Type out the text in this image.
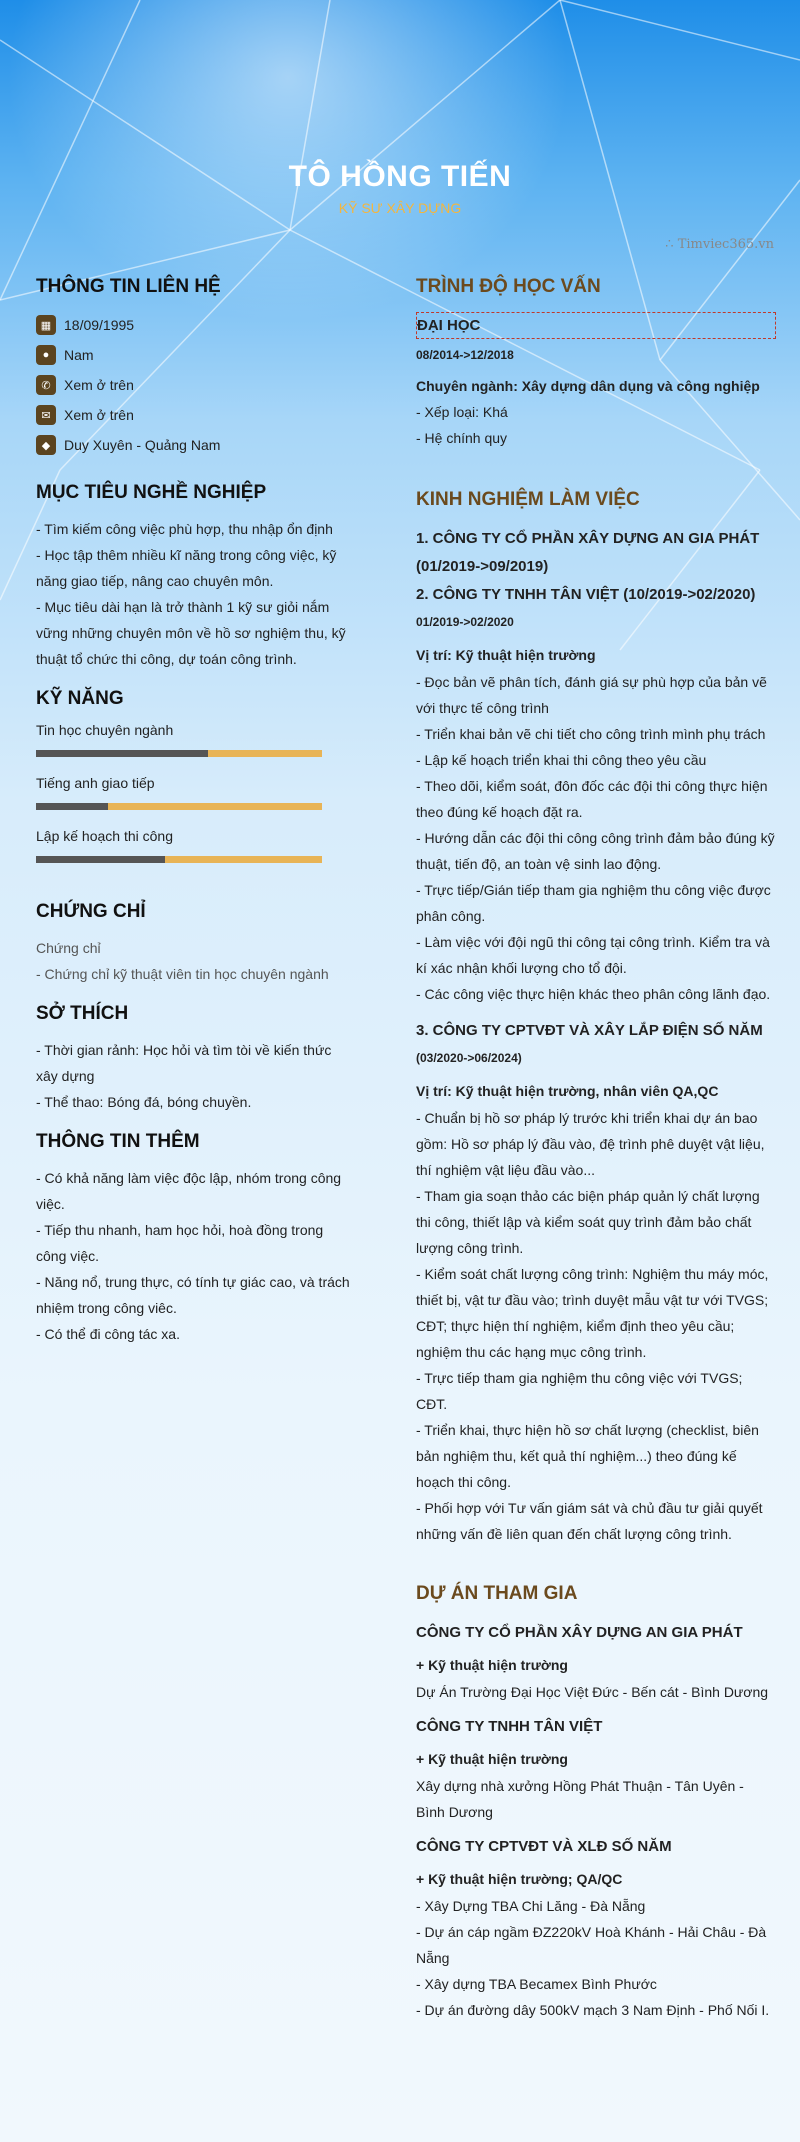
TÔ HỒNG TIẾN
KỸ SƯ XÂY DỰNG
THÔNG TIN LIÊN HỆ
▦ 18/09/1995
●	Nam
✆ Xem ở trên
✉ Xem ở trên
◆ Duy Xuyên - Quảng Nam
MỤC TIÊU NGHỀ NGHIỆP
- Tìm kiếm công việc phù hợp, thu nhập ổn định
- Học tập thêm nhiều kĩ năng trong công việc, kỹ năng giao tiếp, nâng cao chuyên môn.
- Mục tiêu dài hạn là trở thành 1 kỹ sư giỏi nắm vững những chuyên môn về hồ sơ nghiệm thu, kỹ thuật tổ chức thi công, dự toán công trình.
KỸ NĂNG
Tin học chuyên ngành
Tiếng anh giao tiếp
Lập kế hoạch thi công
CHỨNG CHỈ
Chứng chỉ
- Chứng chỉ kỹ thuật viên tin học chuyên ngành
SỞ THÍCH
- Thời gian rảnh: Học hỏi và tìm tòi về kiến thức xây dựng
- Thể thao: Bóng đá, bóng chuyền.
THÔNG TIN THÊM
- Có khả năng làm việc độc lập, nhóm trong công việc.
- Tiếp thu nhanh, ham học hỏi, hoà đồng trong công việc.
- Năng nổ, trung thực, có tính tự giác cao, và trách nhiệm trong công viêc.
- Có thể đi công tác xa.
TRÌNH ĐỘ HỌC VẤN
ĐẠI HỌC
08/2014->12/2018
Chuyên ngành: Xây dựng dân dụng và công nghiệp
- Xếp loại: Khá
- Hệ chính quy
KINH NGHIỆM LÀM VIỆC
1. CÔNG TY CỔ PHẦN XÂY DỰNG AN GIA PHÁT (01/2019->09/2019)
2. CÔNG TY TNHH TÂN VIỆT (10/2019->02/2020)
01/2019->02/2020
Vị trí: Kỹ thuật hiện trường
- Đọc bản vẽ phân tích, đánh giá sự phù hợp của bản vẽ với thực tế công trình
- Triển khai bản vẽ chi tiết cho công trình mình phụ trách
- Lập kế hoạch triển khai thi công theo yêu cầu
- Theo dõi, kiểm soát, đôn đốc các đội thi công thực hiện theo đúng kế hoạch đặt ra.
- Hướng dẫn các đội thi công công trình đảm bảo đúng kỹ thuật, tiến độ, an toàn vệ sinh lao động.
- Trực tiếp/Gián tiếp tham gia nghiệm thu công việc được phân công.
- Làm việc với đội ngũ thi công tại công trình. Kiểm tra và kí xác nhận khối lượng cho tổ đội.
- Các công việc thực hiện khác theo phân công lãnh đạo.
3. CÔNG TY CPTVĐT VÀ XÂY LẮP ĐIỆN SỐ NĂM
(03/2020->06/2024)
Vị trí: Kỹ thuật hiện trường, nhân viên QA,QC
- Chuẩn bị hồ sơ pháp lý trước khi triển khai dự án bao gồm: Hồ sơ pháp lý đầu vào, đệ trình phê duyệt vật liệu, thí nghiệm vật liệu đầu vào...
- Tham gia soạn thảo các biện pháp quản lý chất lượng thi công, thiết lập và kiểm soát quy trình đảm bảo chất lượng công trình.
- Kiểm soát chất lượng công trình: Nghiệm thu máy móc, thiết bị, vật tư đầu vào; trình duyệt mẫu vật tư với TVGS; CĐT; thực hiện thí nghiệm, kiểm định theo yêu cầu; nghiệm thu các hạng mục công trình.
- Trực tiếp tham gia nghiệm thu công việc với TVGS; CĐT.
- Triển khai, thực hiện hồ sơ chất lượng (checklist, biên bản nghiệm thu, kết quả thí nghiệm...) theo đúng kế hoạch thi công.
- Phối hợp với Tư vấn giám sát và chủ đầu tư giải quyết những vấn đề liên quan đến chất lượng công trình.
DỰ ÁN THAM GIA
CÔNG TY CỔ PHẦN XÂY DỰNG AN GIA PHÁT
+ Kỹ thuật hiện trường
Dự Án Trường Đại Học Việt Đức - Bến cát - Bình Dương
CÔNG TY TNHH TÂN VIỆT
+ Kỹ thuật hiện trường
Xây dựng nhà xưởng Hồng Phát Thuận - Tân Uyên - Bình Dương
CÔNG TY CPTVĐT VÀ XLĐ SỐ NĂM
+ Kỹ thuật hiện trường; QA/QC
- Xây Dựng TBA Chi Lăng - Đà Nẵng
- Dự án cáp ngầm ĐZ220kV Hoà Khánh - Hải Châu - Đà Nẵng
- Xây dựng TBA Becamex Bình Phước
- Dự án đường dây 500kV mạch 3 Nam Định - Phố Nối I.
∴ Timviec365.vn
